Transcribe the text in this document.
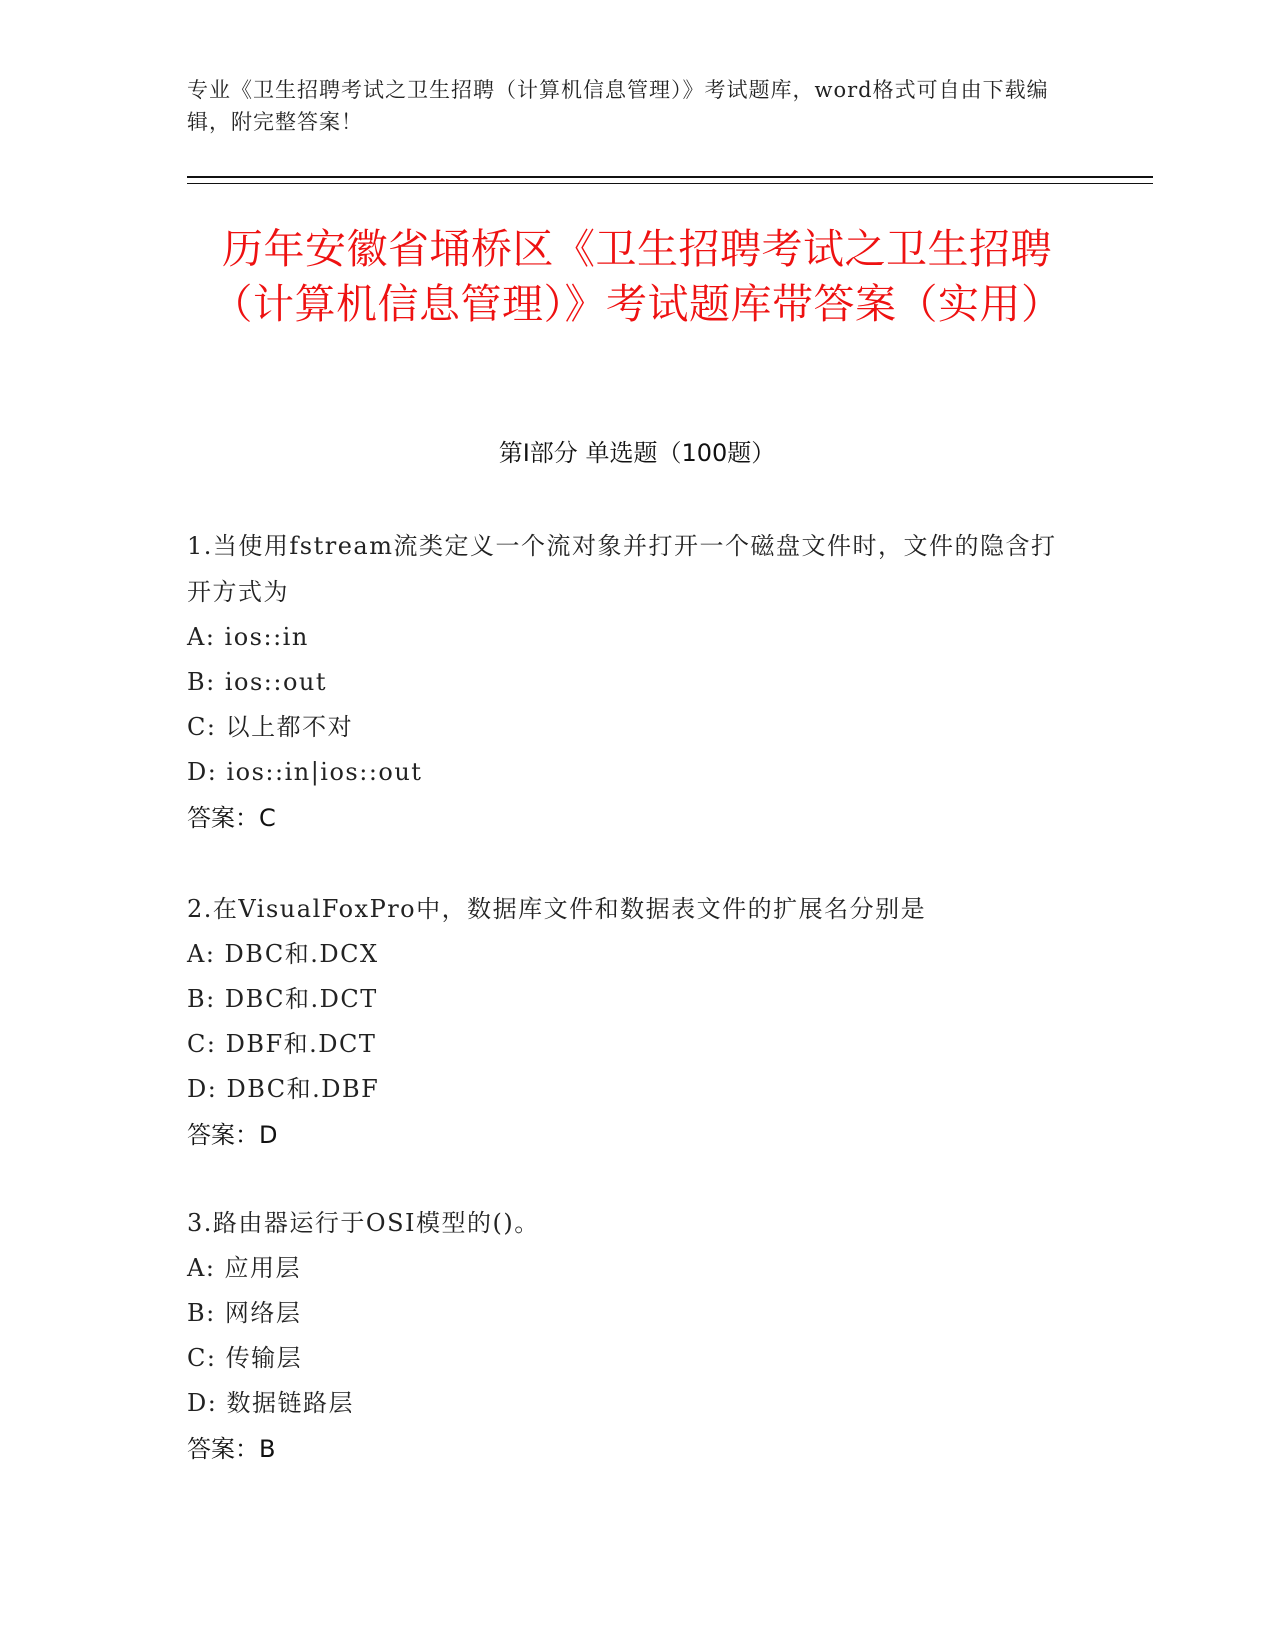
专业《卫生招聘考试之卫生招聘（计算机信息管理）》考试题库，word格式可自由下载编辑，附完整答案！
历年安徽省埇桥区《卫生招聘考试之卫生招聘（计算机信息管理）》考试题库带答案（实用）
第Ⅰ部分 单选题（100题）

1.当使用fstream流类定义一个流对象并打开一个磁盘文件时，文件的隐含打开方式为

A: ios::in

B: ios::out

C: 以上都不对

D: ios::in|ios::out

答案：C

2.在VisualFoxPro中，数据库文件和数据表文件的扩展名分别是

A: DBC和.DCX

B: DBC和.DCT

C: DBF和.DCT

D: DBC和.DBF

答案：D

3.路由器运行于OSI模型的()。

A: 应用层

B: 网络层

C: 传输层

D: 数据链路层

答案：B
